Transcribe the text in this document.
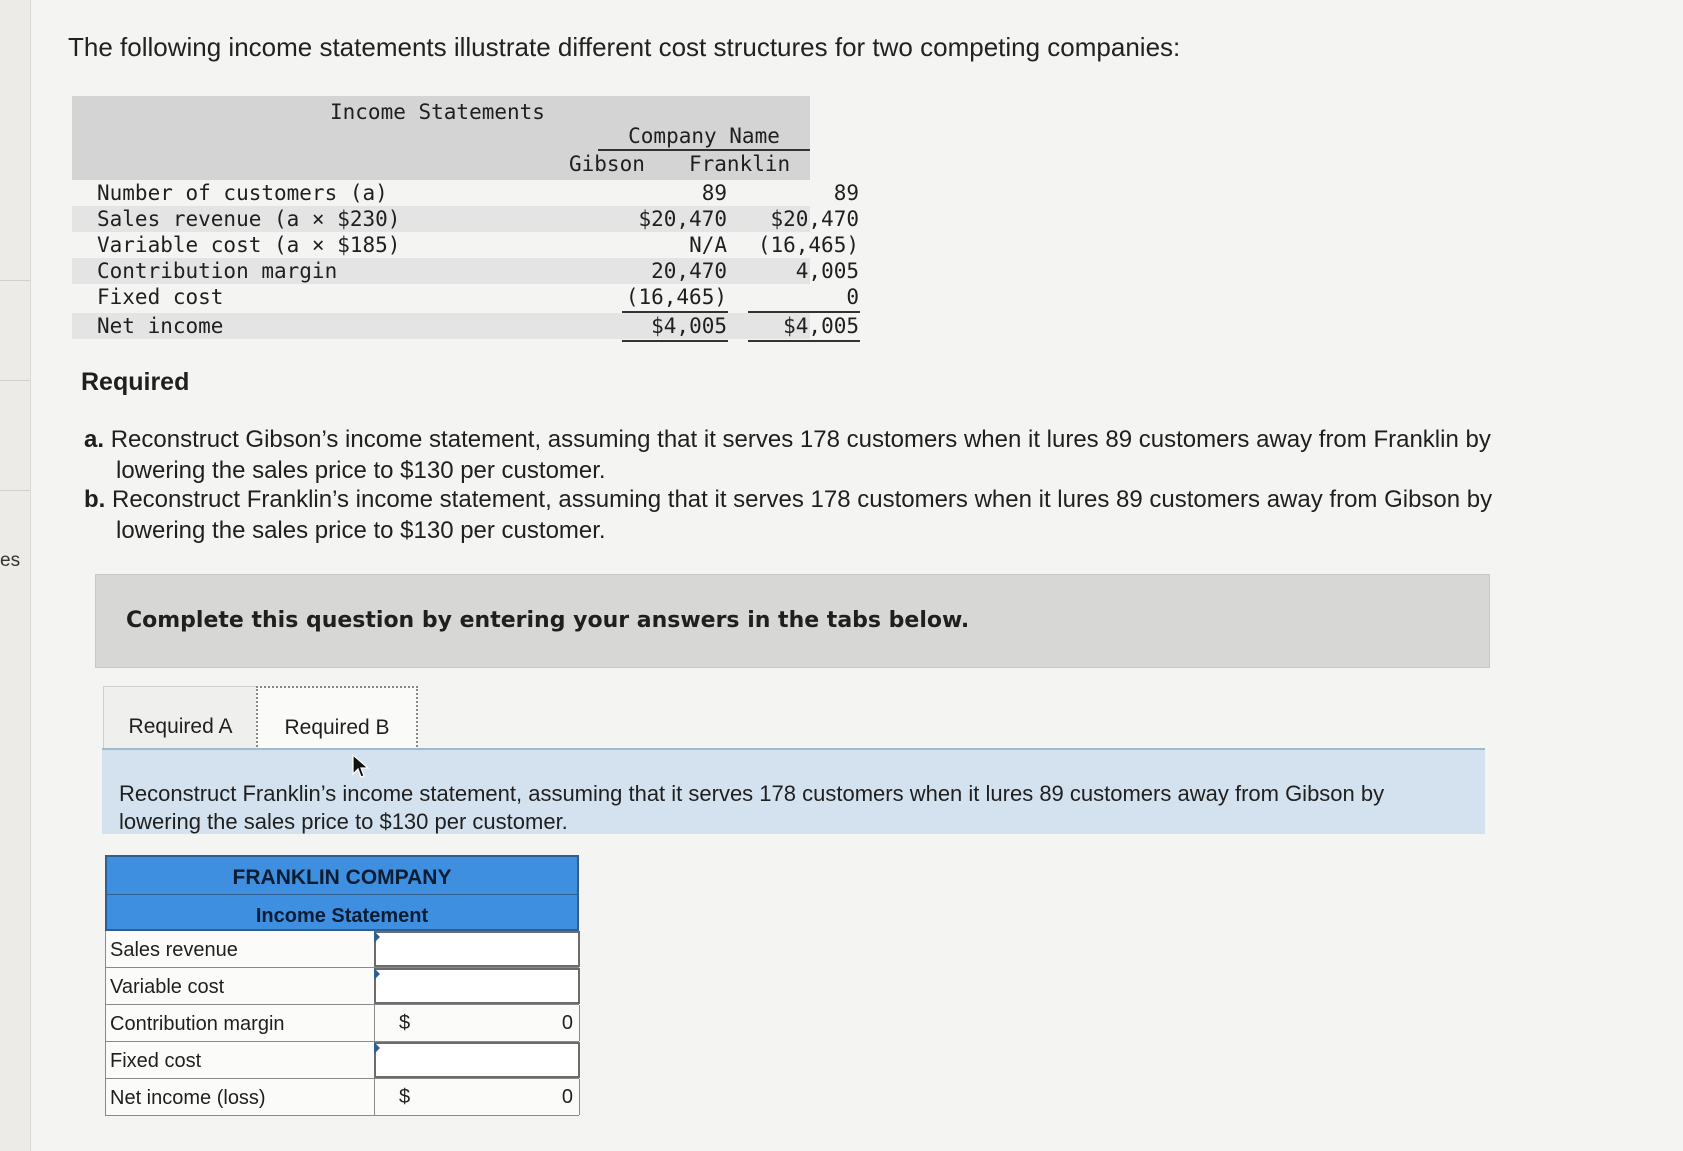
es
The following income statements illustrate different cost structures for two competing companies:
Income Statements
Company Name
Gibson Franklin
Number of customers (a)	89	89
Sales revenue (a × $230)	$20,470	$20,470
Variable cost (a × $185)	N/A	(16,465)
Contribution margin	20,470	4,005
Fixed cost	(16,465)	0
Net income	$4,005	$4,005
Required
a. Reconstruct Gibson’s income statement, assuming that it serves 178 customers when it lures 89 customers away from Franklin by
lowering the sales price to $130 per customer.
b. Reconstruct Franklin’s income statement, assuming that it serves 178 customers when it lures 89 customers away from Gibson by
lowering the sales price to $130 per customer.
Complete this question by entering your answers in the tabs below.
Required A	Required B
Reconstruct Franklin’s income statement, assuming that it serves 178 customers when it lures 89 customers away from Gibson by lowering the sales price to $130 per customer.
FRANKLIN COMPANY
Income Statement
Sales revenue
Variable cost
Contribution margin	$	0
Fixed cost
Net income (loss)	$	0
